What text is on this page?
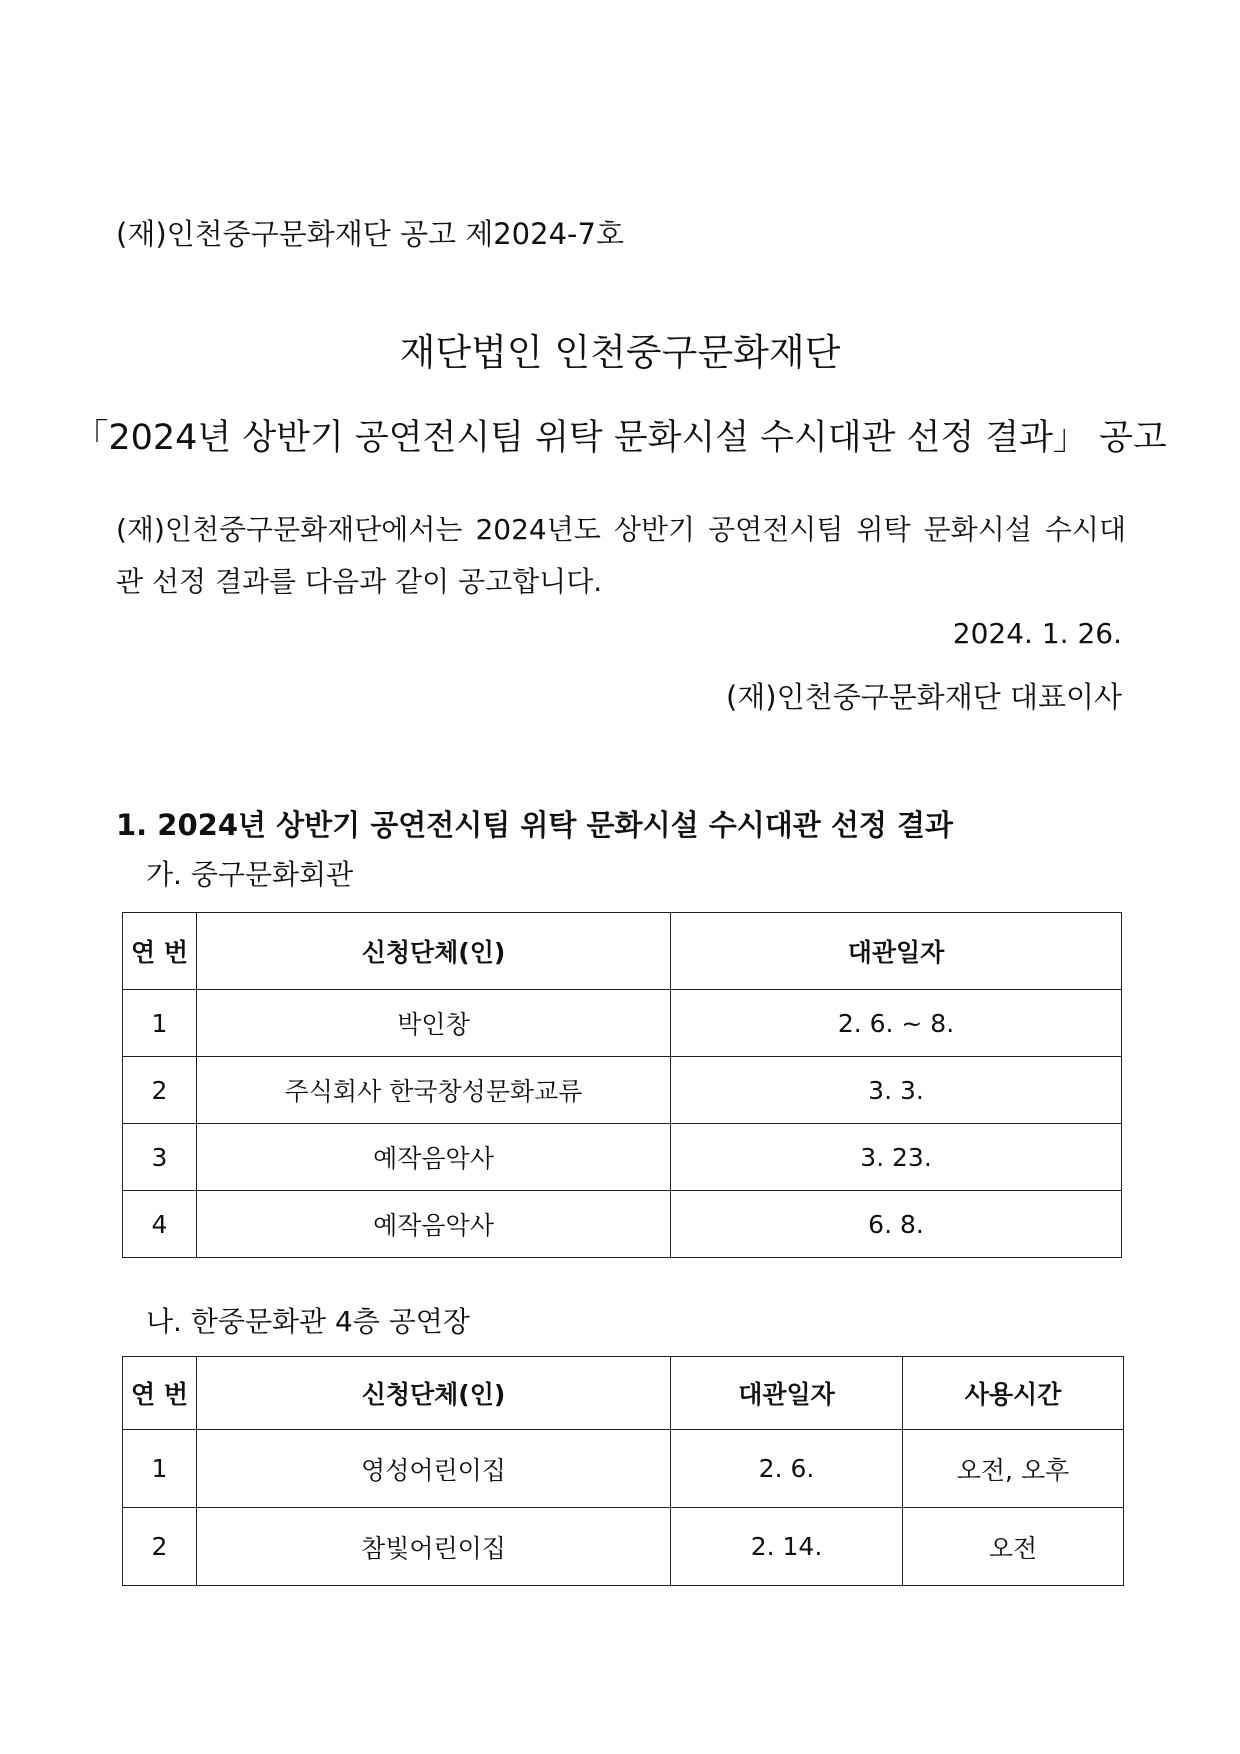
(재)인천중구문화재단 공고 제2024-7호
재단법인 인천중구문화재단
「2024년 상반기 공연전시팀 위탁 문화시설 수시대관 선정 결과」 공고
(재)인천중구문화재단에서는 2024년도 상반기 공연전시팀 위탁 문화시설 수시대관 선정 결과를 다음과 같이 공고합니다.
2024. 1. 26.
(재)인천중구문화재단 대표이사
1. 2024년 상반기 공연전시팀 위탁 문화시설 수시대관 선정 결과
가. 중구문화회관
연 번	신청단체(인)	대관일자
1	박인창	2. 6. ~ 8.
2	주식회사 한국창성문화교류	3. 3.
3	예작음악사	3. 23.
4	예작음악사	6. 8.
나. 한중문화관 4층 공연장
연 번	신청단체(인)	대관일자	사용시간
1	영성어린이집	2. 6.	오전, 오후
2	참빛어린이집	2. 14.	오전
